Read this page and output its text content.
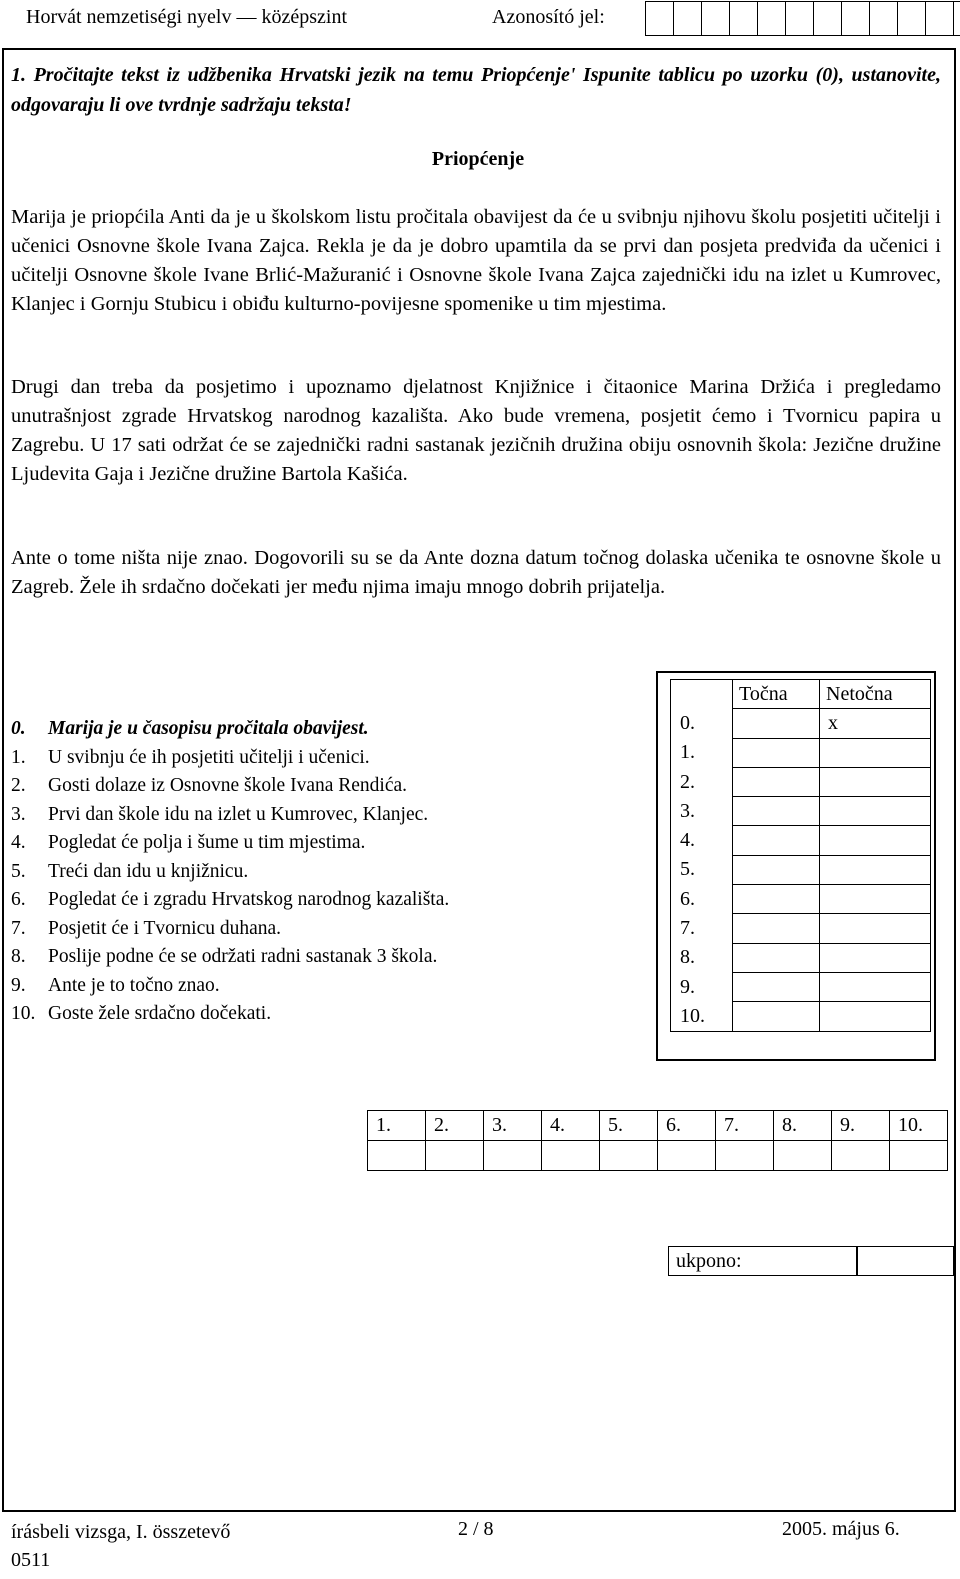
Horvát nemzetiségi nyelv — középszint	Azonosító jel:
1. Pročitajte tekst iz udžbenika Hrvatski jezik na temu Priopćenje' Ispunite tablicu po uzorku (0), ustanovite, odgovaraju li ove tvrdnje sadržaju teksta!
Priopćenje
Marija je priopćila Anti da je u školskom listu pročitala obavijest da će u svibnju njihovu školu posjetiti učitelji i učenici Osnovne škole Ivana Zajca. Rekla je da je dobro upamtila da se prvi dan posjeta predviđa da učenici i učitelji Osnovne škole Ivane Brlić-Mažuranić i Osnovne škole Ivana Zajca zajednički idu na izlet u Kumrovec, Klanjec i Gornju Stubicu i obiđu kulturno-povijesne spomenike u tim mjestima.
Drugi dan treba da posjetimo i upoznamo djelatnost Knjižnice i čitaonice Marina Držića i pregledamo unutrašnjost zgrade Hrvatskog narodnog kazališta. Ako bude vremena, posjetit ćemo i Tvornicu papira u Zagrebu. U 17 sati održat će se zajednički radni sastanak jezičnih družina obiju osnovnih škola: Jezične družine Ljudevita Gaja i Jezične družine Bartola Kašića.
Ante o tome ništa nije znao. Dogovorili su se da Ante dozna datum točnog dolaska učenika te osnovne škole u Zagreb. Žele ih srdačno dočekati jer među njima imaju mnogo dobrih prijatelja.
0.	Marija je u časopisu pročitala obavijest.
1.	U svibnju će ih posjetiti učitelji i učenici.
2.	Gosti dolaze iz Osnovne škole Ivana Rendića.
3.	Prvi dan škole idu na izlet u Kumrovec, Klanjec.
4.	Pogledat će polja i šume u tim mjestima.
5.	Treći dan idu u knjižnicu.
6.	Pogledat će i zgradu Hrvatskog narodnog kazališta.
7.	Posjetit će i Tvornicu duhana.
8.	Poslije podne će se održati radni sastanak 3 škola.
9.	Ante je to točno znao.
10. Goste žele srdačno dočekati.
	Točna	Netočna
0.		x
1.		
2.		
3.		
4.		
5.		
6.		
7.		
8.		
9.		
10.		
1.	2.	3.	4.	5.	6.	7.	8.	9.	10.

ukpono:
írásbeli vizsga, I. összetevő
0511
2 / 8	2005. május 6.
